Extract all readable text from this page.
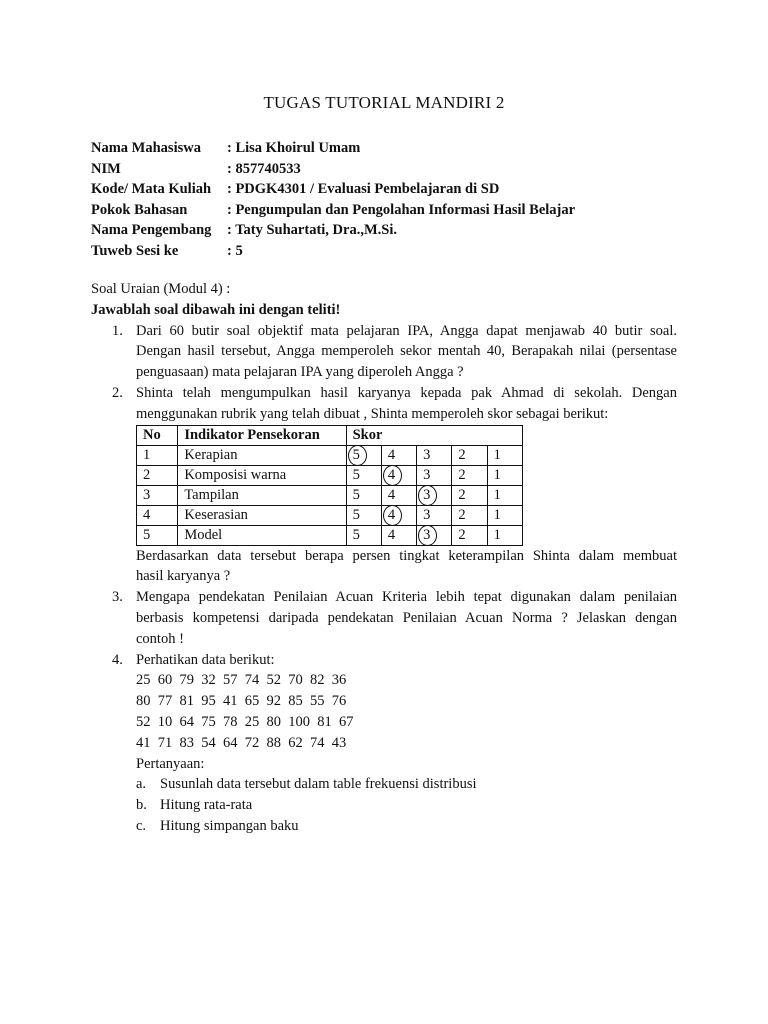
TUGAS TUTORIAL MANDIRI 2
Nama Mahasiswa : Lisa Khoirul Umam
NIM	: 857740533
Kode/ Mata Kuliah : PDGK4301 / Evaluasi Pembelajaran di SD
Pokok Bahasan	: Pengumpulan dan Pengolahan Informasi Hasil Belajar
Nama Pengembang : Taty Suhartati, Dra.,M.Si.
Tuweb Sesi ke	: 5
Soal Uraian (Modul 4) :
Jawablah soal dibawah ini dengan teliti!
1. Dari 60 butir soal objektif mata pelajaran IPA, Angga dapat menjawab 40 butir soal.
Dengan hasil tersebut, Angga memperoleh sekor mentah 40, Berapakah nilai (persentase
penguasaan) mata pelajaran IPA yang diperoleh Angga ?
2. Shinta telah mengumpulkan hasil karyanya kepada pak Ahmad di sekolah. Dengan
menggunakan rubrik yang telah dibuat , Shinta memperoleh skor sebagai berikut:
No	Indikator Pensekoran	Skor				
1	Kerapian	5	4	3	2	1
2	Komposisi warna	5	4	3	2	1
3	Tampilan	5	4	3	2	1
4	Keserasian	5	4	3	2	1
5	Model	5	4	3	2	1
Berdasarkan data tersebut berapa persen tingkat keterampilan Shinta dalam membuat
hasil karyanya ?
3. Mengapa pendekatan Penilaian Acuan Kriteria lebih tepat digunakan dalam penilaian
berbasis kompetensi daripada pendekatan Penilaian Acuan Norma ? Jelaskan dengan
contoh !
4. Perhatikan data berikut:
25  60  79  32  57  74  52  70  82  36
80  77  81  95  41  65  92  85  55  76
52  10  64  75  78  25  80  100  81  67
41  71  83  54  64  72  88  62  74  43
Pertanyaan:
a. Susunlah data tersebut dalam table frekuensi distribusi
b. Hitung rata-rata
c. Hitung simpangan baku
